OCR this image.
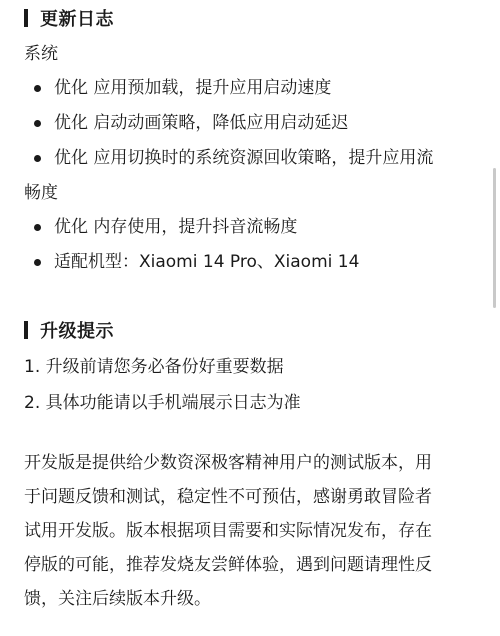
更新日志
系统
优化 应用预加载，提升应用启动速度
优化 启动动画策略，降低应用启动延迟
优化 应用切换时的系统资源回收策略，提升应用流
畅度
优化 内存使用，提升抖音流畅度
适配机型：Xiaomi 14 Pro、Xiaomi 14
升级提示
1. 升级前请您务必备份好重要数据
2. 具体功能请以手机端展示日志为准
开发版是提供给少数资深极客精神用户的测试版本，用
于问题反馈和测试，稳定性不可预估，感谢勇敢冒险者
试用开发版。版本根据项目需要和实际情况发布，存在
停版的可能，推荐发烧友尝鲜体验，遇到问题请理性反
馈，关注后续版本升级。
